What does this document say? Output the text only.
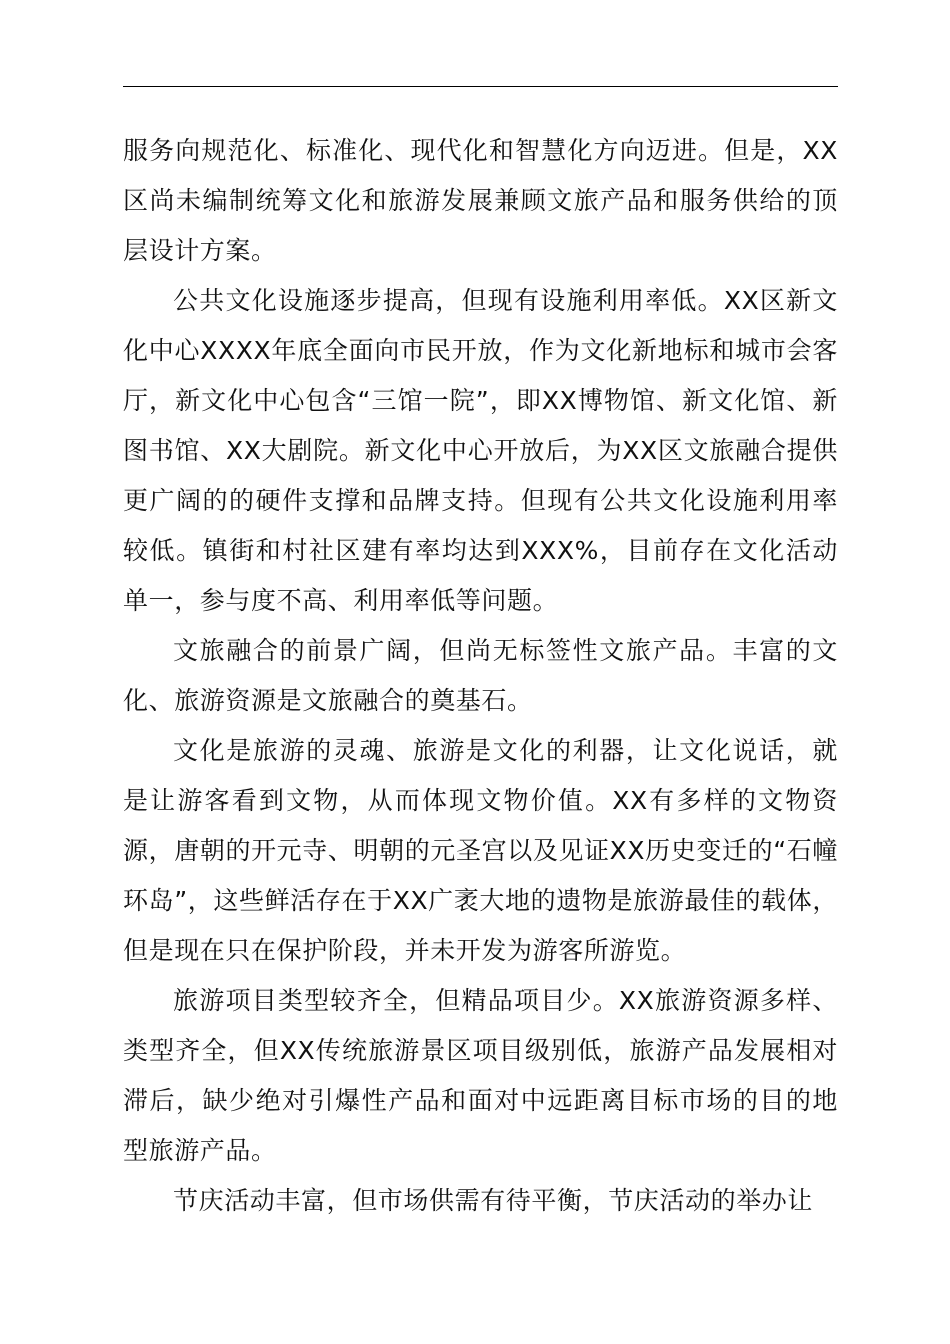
服务向规范化、标准化、现代化和智慧化方向迈进。但是，XX区尚未编制统筹文化和旅游发展兼顾文旅产品和服务供给的顶层设计方案。

公共文化设施逐步提高，但现有设施利用率低。XX区新文化中心XXXX年底全面向市民开放，作为文化新地标和城市会客厅，新文化中心包含“三馆一院”，即XX博物馆、新文化馆、新图书馆、XX大剧院。新文化中心开放后，为XX区文旅融合提供更广阔的的硬件支撑和品牌支持。但现有公共文化设施利用率较低。镇街和村社区建有率均达到XXX%，目前存在文化活动单一，参与度不高、利用率低等问题。

文旅融合的前景广阔，但尚无标签性文旅产品。丰富的文化、旅游资源是文旅融合的奠基石。

文化是旅游的灵魂、旅游是文化的利器，让文化说话，就是让游客看到文物，从而体现文物价值。XX有多样的文物资源，唐朝的开元寺、明朝的元圣宫以及见证XX历史变迁的“石幢环岛”，这些鲜活存在于XX广袤大地的遗物是旅游最佳的载体，但是现在只在保护阶段，并未开发为游客所游览。

旅游项目类型较齐全，但精品项目少。XX旅游资源多样、类型齐全，但XX传统旅游景区项目级别低，旅游产品发展相对滞后，缺少绝对引爆性产品和面对中远距离目标市场的目的地型旅游产品。

节庆活动丰富，但市场供需有待平衡，节庆活动的举办让
